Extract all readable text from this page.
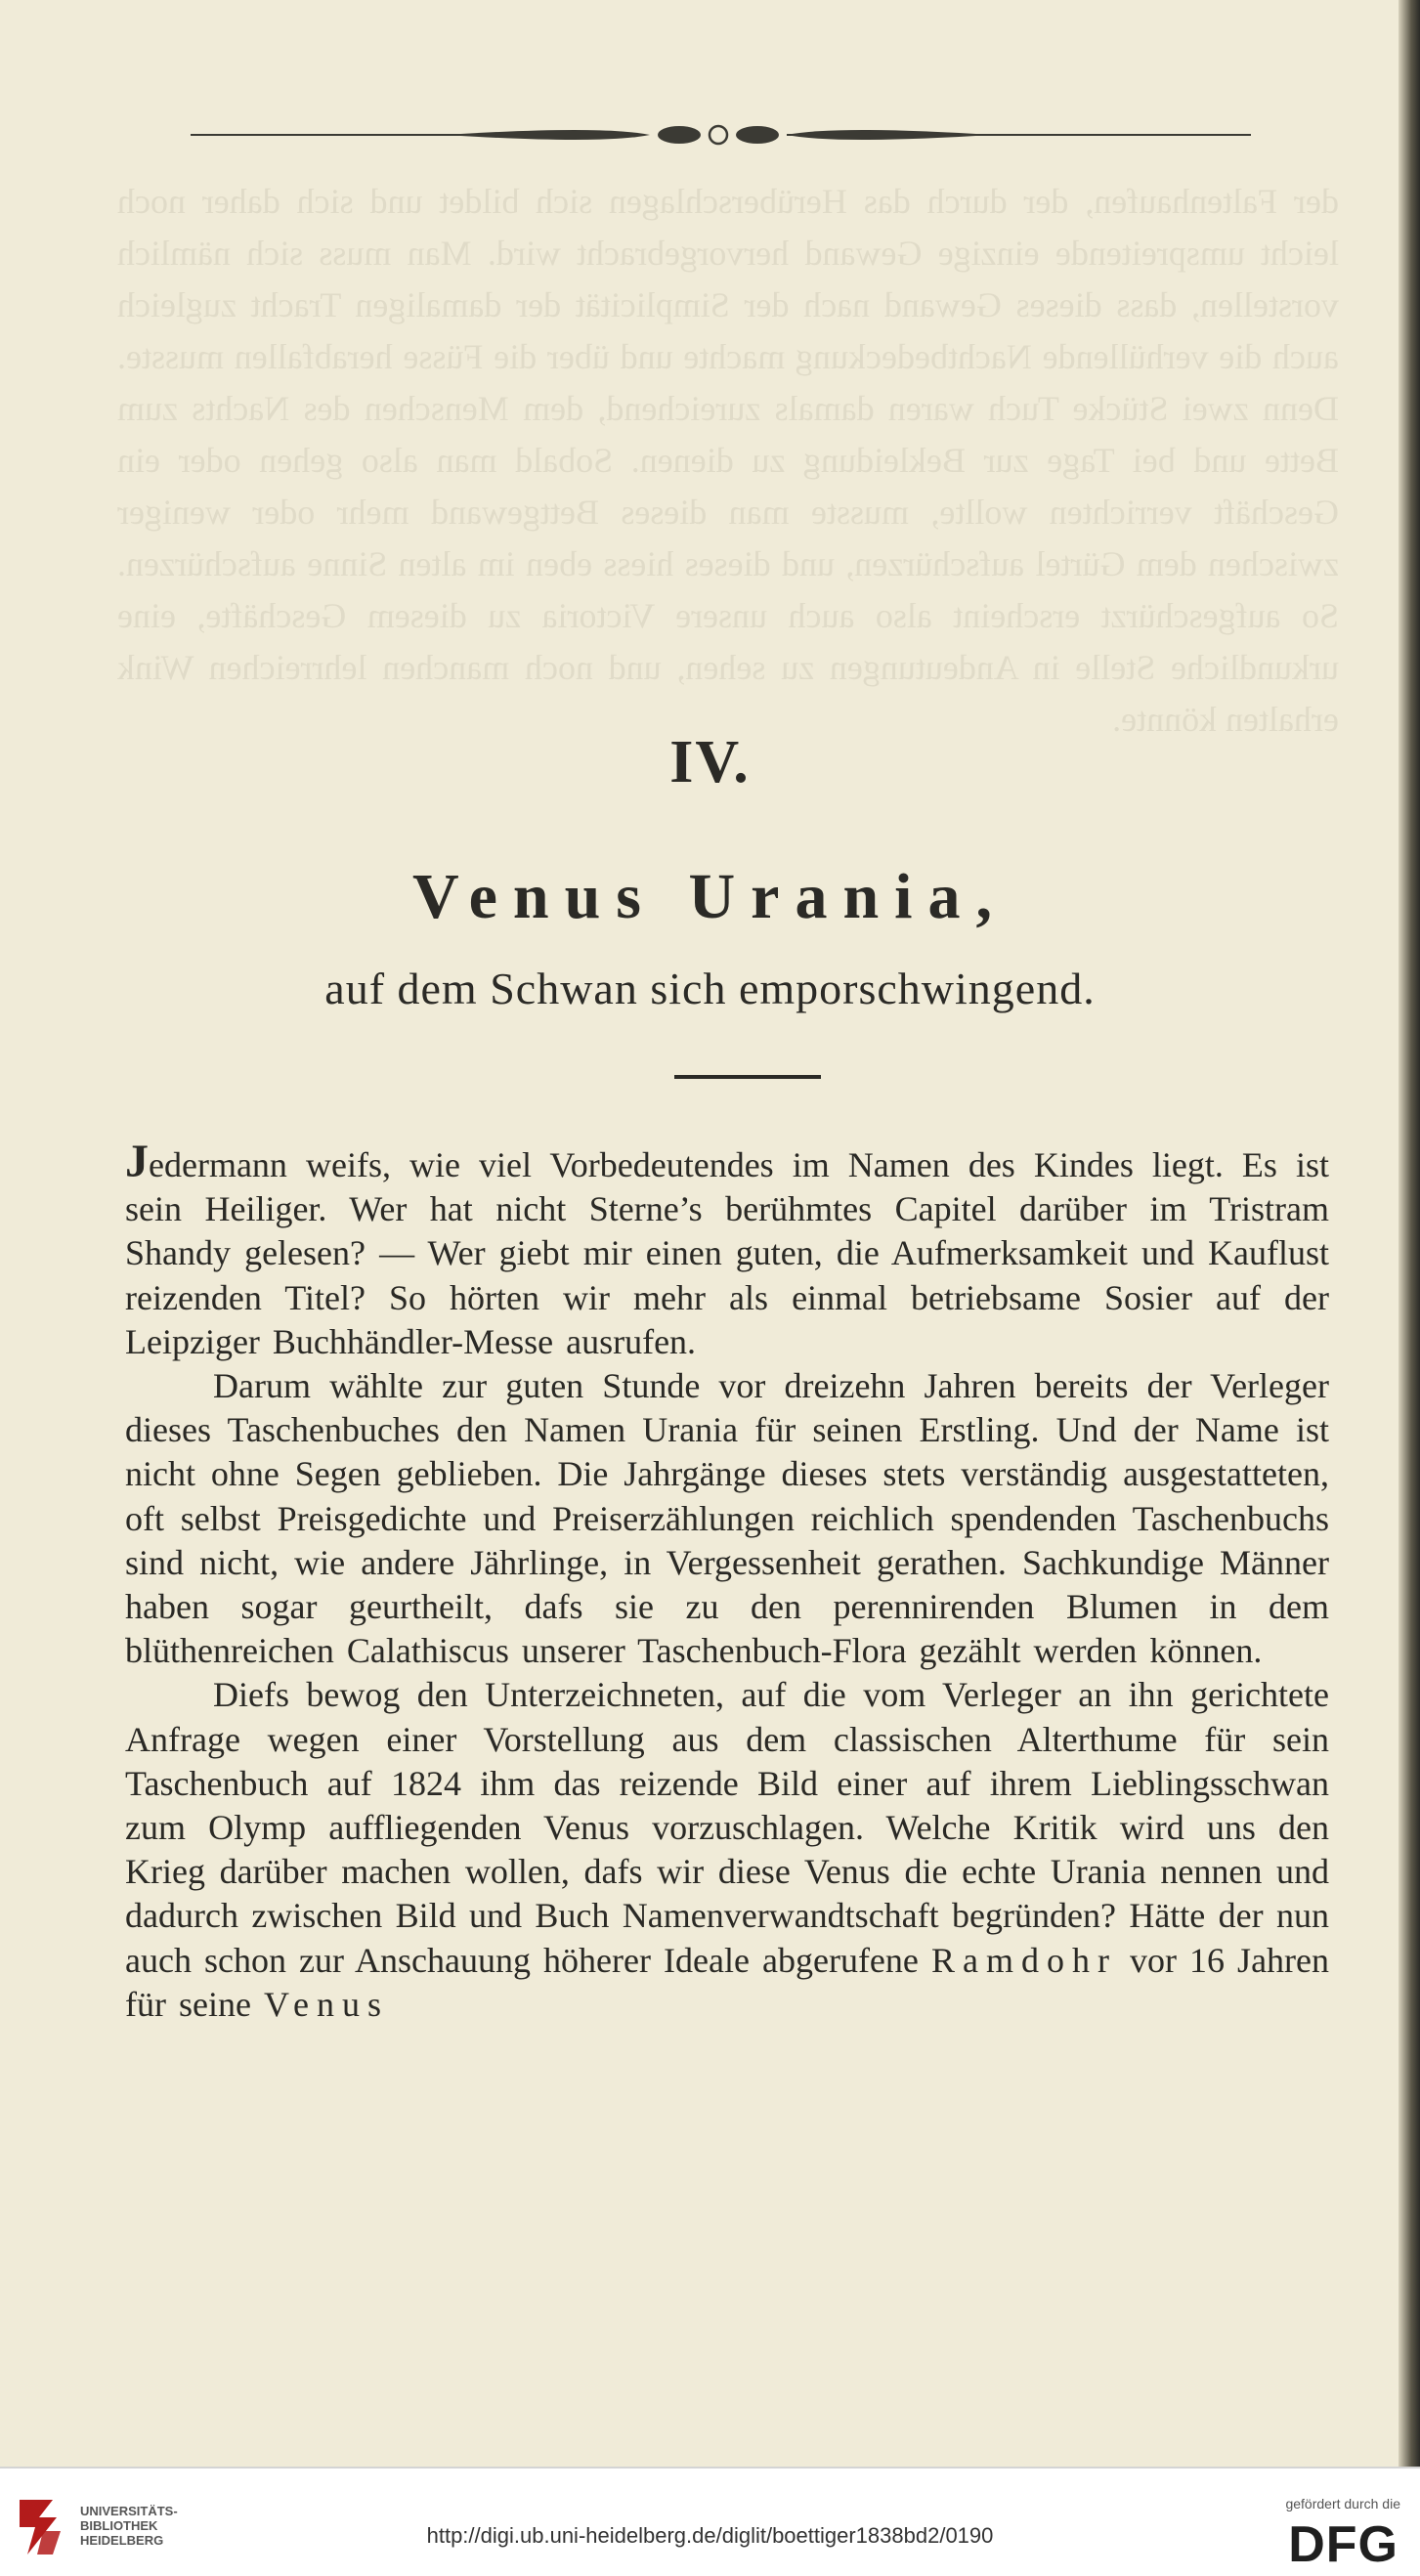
der Faltenhaufen, der durch das Herüberschlagen sich bildet und sich daher noch leicht umspreitende einzige Gewand hervorgebracht wird. Man muss sich nämlich vorstellen, dass dieses Gewand nach der Simplicität der damaligen Tracht zugleich auch die verhüllende Nachtbedeckung machte und über die Füsse herabfallen musste. Denn zwei Stücke Tuch waren damals zureichend, dem Menschen des Nachts zum Bette und bei Tage zur Bekleidung zu dienen. Sobald man also gehen oder ein Geschäft verrichten wollte, musste man dieses Bettgewand mehr oder weniger zwischen dem Gürtel aufschürzen, und dieses hiess eben im alten Sinne aufschürzen. So aufgeschürzt erscheint also auch unsere Victoria zu diesem Geschäfte, eine urkundliche Stelle in Andeutungen zu sehen, und noch manchen lehrreichen Wink erhalten könnte.
IV.
Venus Urania,
auf dem Schwan sich emporschwingend.

Jedermann weifs, wie viel Vorbedeutendes im Namen des Kindes liegt. Es ist sein Heiliger. Wer hat nicht Sterne’s berühmtes Capitel darüber im Tristram Shandy gelesen? — Wer giebt mir einen guten, die Aufmerksamkeit und Kauflust reizenden Titel? So hörten wir mehr als einmal betriebsame Sosier auf der Leipziger Buchhändler-Messe ausrufen.

Darum wählte zur guten Stunde vor dreizehn Jahren bereits der Verleger dieses Taschenbuches den Namen Urania für seinen Erstling. Und der Name ist nicht ohne Segen geblieben. Die Jahrgänge dieses stets verständig ausgestatteten, oft selbst Preisgedichte und Preiserzählungen reichlich spendenden Taschenbuchs sind nicht, wie andere Jährlinge, in Vergessenheit gerathen. Sachkundige Männer haben sogar geurtheilt, dafs sie zu den perennirenden Blumen in dem blüthenreichen Calathiscus unserer Taschenbuch-Flora gezählt werden können.

Diefs bewog den Unterzeichneten, auf die vom Verleger an ihn gerichtete Anfrage wegen einer Vorstellung aus dem classischen Alterthume für sein Taschenbuch auf 1824 ihm das reizende Bild einer auf ihrem Lieblingsschwan zum Olymp auffliegenden Venus vorzuschlagen. Welche Kritik wird uns den Krieg darüber machen wollen, dafs wir diese Venus die echte Urania nennen und dadurch zwischen Bild und Buch Namenverwandtschaft begründen? Hätte der nun auch schon zur Anschauung höherer Ideale abgerufene Ramdohr vor 16 Jahren für seine Venus

UNIVERSITÄTS-
BIBLIOTHEK
HEIDELBERG	http://digi.ub.uni-heidelberg.de/diglit/boettiger1838bd2/0190
gefördert durch die
DFG
